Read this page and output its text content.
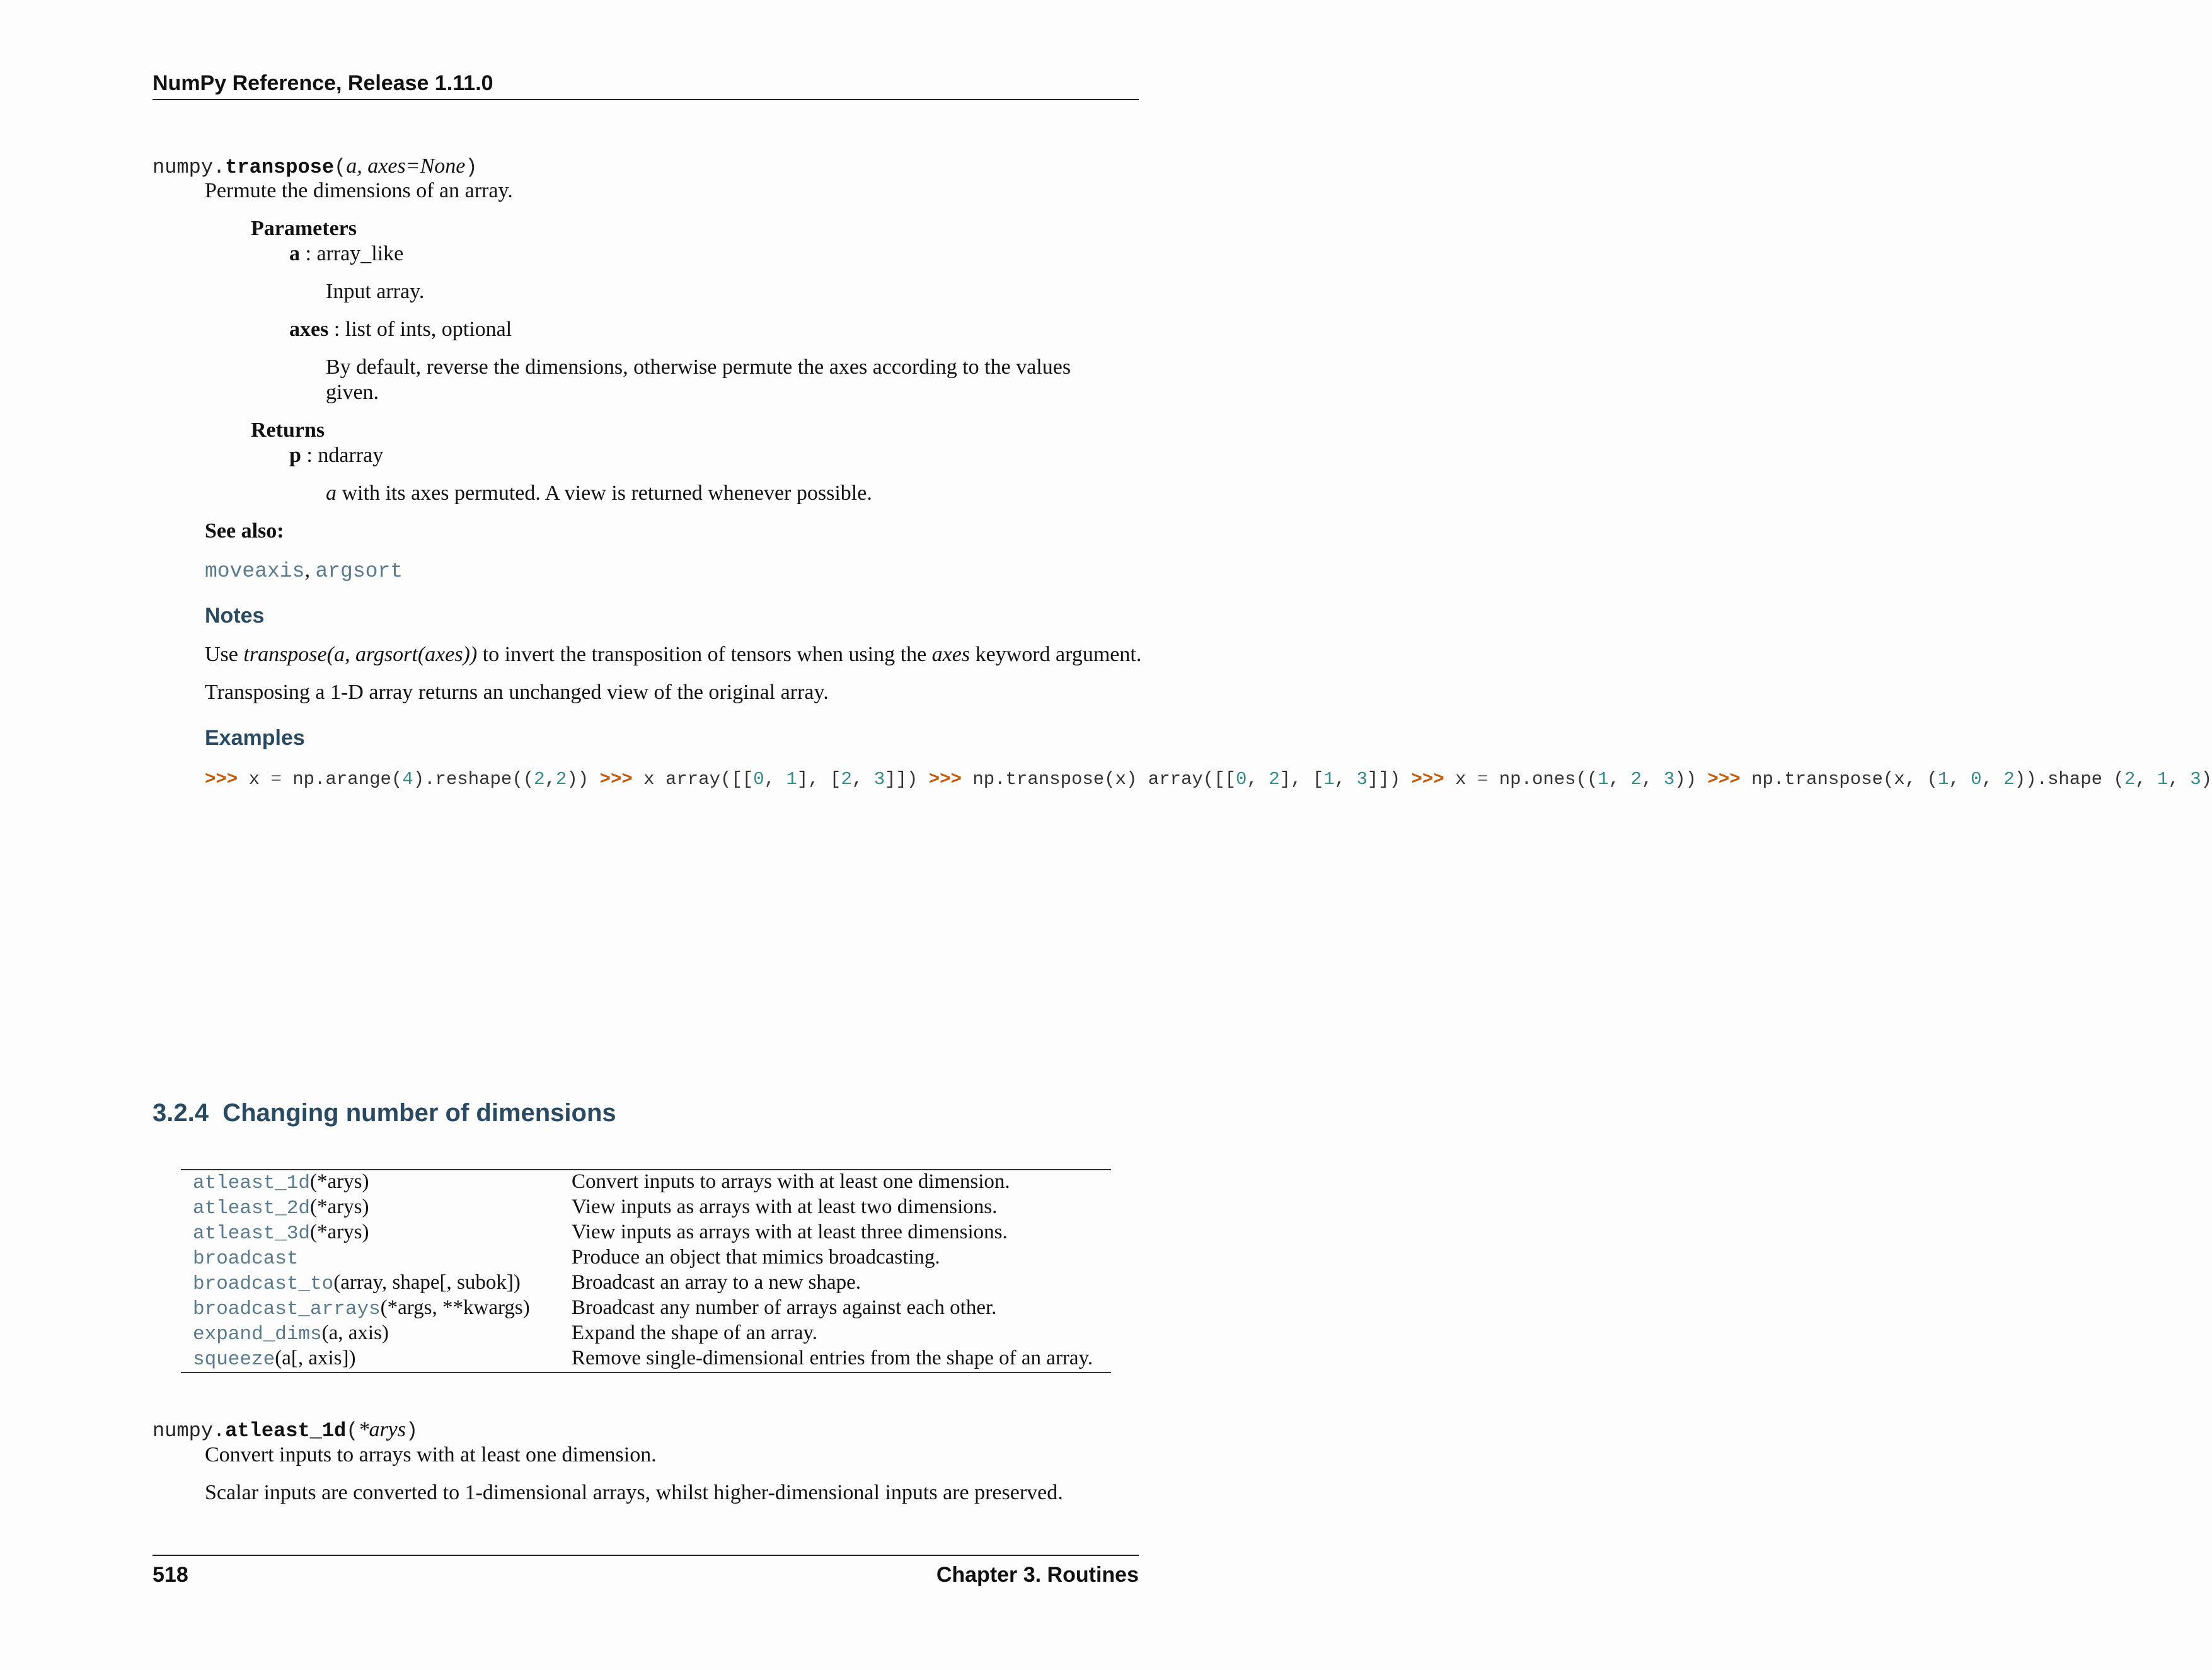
NumPy Reference, Release 1.11.0
numpy.transpose(a, axes=None)
Permute the dimensions of an array.
Parameters
a : array_like
Input array.
axes : list of ints, optional
By default, reverse the dimensions, otherwise permute the axes according to the values
given.
Returns
p : ndarray
a with its axes permuted. A view is returned whenever possible.
See also:
moveaxis, argsort
Notes
Use transpose(a, argsort(axes)) to invert the transposition of tensors when using the axes keyword argument.
Transposing a 1-D array returns an unchanged view of the original array.
Examples
>>> x = np.arange(4).reshape((2,2)) >>> x array([[0, 1], [2, 3]]) >>> np.transpose(x) array([[0, 2], [1, 3]]) >>> x = np.ones((1, 2, 3)) >>> np.transpose(x, (1, 0, 2)).shape (2, 1, 3)
3.2.4 Changing number of dimensions
atleast_1d(*arys)	Convert inputs to arrays with at least one dimension.
atleast_2d(*arys)	View inputs as arrays with at least two dimensions.
atleast_3d(*arys)	View inputs as arrays with at least three dimensions.
broadcast	Produce an object that mimics broadcasting.
broadcast_to(array, shape[, subok]) Broadcast an array to a new shape.
broadcast_arrays(*args, **kwargs) Broadcast any number of arrays against each other.
expand_dims(a, axis)	Expand the shape of an array.
squeeze(a[, axis])	Remove single-dimensional entries from the shape of an array.
numpy.atleast_1d(*arys)
Convert inputs to arrays with at least one dimension.
Scalar inputs are converted to 1-dimensional arrays, whilst higher-dimensional inputs are preserved.
518	Chapter 3. Routines
